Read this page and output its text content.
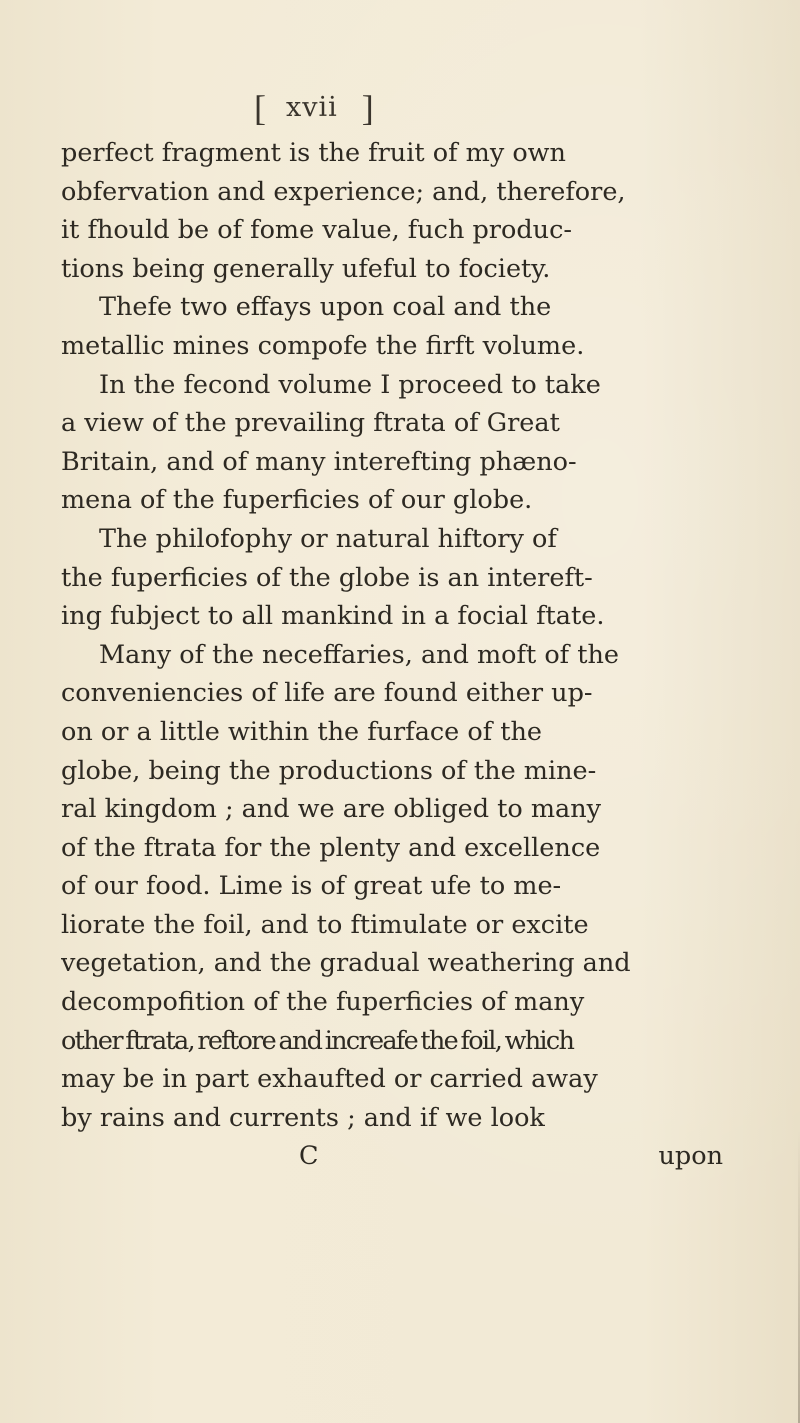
[ xvii ]
perfect fragment is the fruit of my own
obfervation and experience; and, therefore,
it fhould be of fome value, fuch produc-
tions being generally ufeful to fociety.
Thefe two effays upon coal and the
metallic mines compofe the firft volume.
In the fecond volume I proceed to take
a view of the prevailing ftrata of Great
Britain, and of many interefting phæno-
mena of the fuperficies of our globe.
The philofophy or natural hiftory of
the fuperficies of the globe is an intereft-
ing fubject to all mankind in a focial ftate.
Many of the neceffaries, and moft of the
conveniencies of life are found either up-
on or a little within the furface of the
globe, being the productions of the mine-
ral kingdom ; and we are obliged to many
of the ftrata for the plenty and excellence
of our food. Lime is of great ufe to me-
liorate the foil, and to ftimulate or excite
vegetation, and the gradual weathering and
decompofition of the fuperficies of many
other ftrata, reftore and increafe the foil, which
may be in part exhaufted or carried away
by rains and currents ; and if we look
C	upon
